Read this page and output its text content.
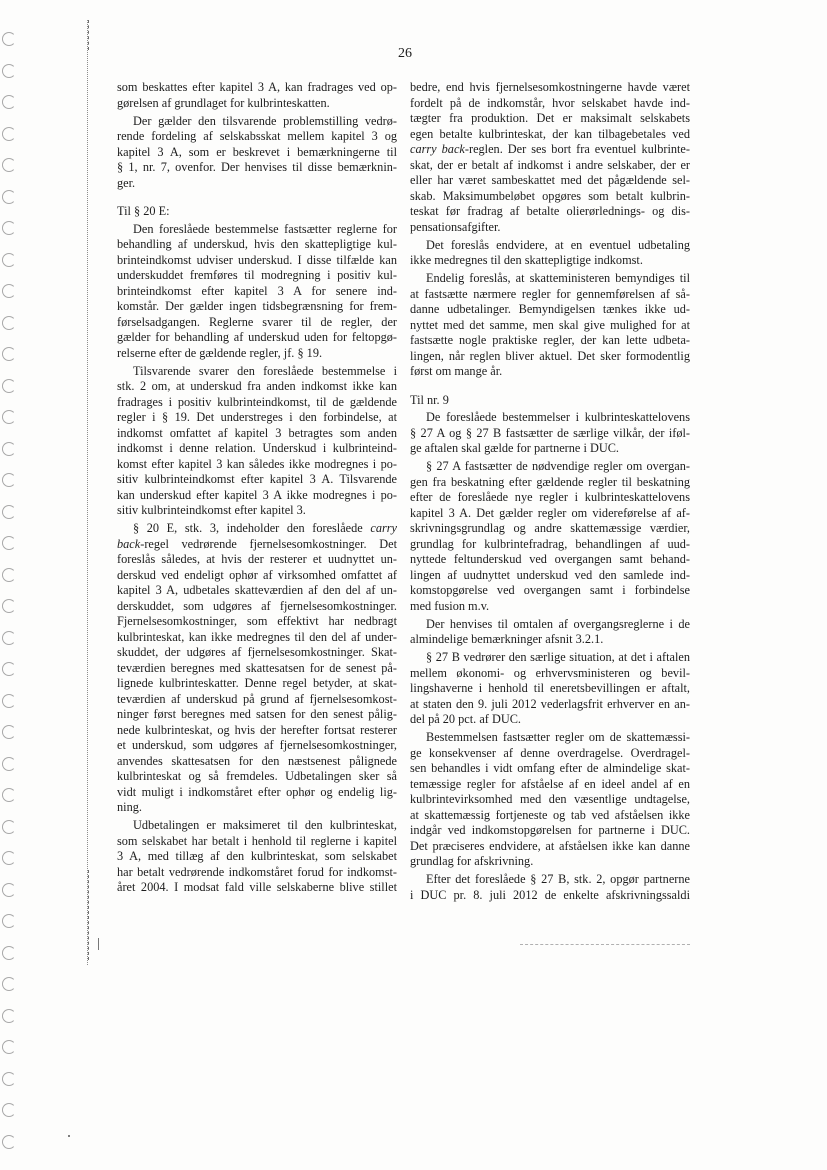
26
som beskattes efter kapitel 3 A, kan fradrages ved op-
gørelsen af grundlaget for kulbrinteskatten.
Der gælder den tilsvarende problemstilling vedrø-
rende fordeling af selskabsskat mellem kapitel 3 og
kapitel 3 A, som er beskrevet i bemærkningerne til
§ 1, nr. 7, ovenfor. Der henvises til disse bemærknin-
ger.
Til § 20 E:
Den foreslåede bestemmelse fastsætter reglerne for
behandling af underskud, hvis den skattepligtige kul-
brinteindkomst udviser underskud. I disse tilfælde kan
underskuddet fremføres til modregning i positiv kul-
brinteindkomst efter kapitel 3 A for senere ind-
komstår. Der gælder ingen tidsbegrænsning for frem-
førselsadgangen. Reglerne svarer til de regler, der
gælder for behandling af underskud uden for feltopgø-
relserne efter de gældende regler, jf. § 19.
Tilsvarende svarer den foreslåede bestemmelse i
stk. 2 om, at underskud fra anden indkomst ikke kan
fradrages i positiv kulbrinteindkomst, til de gældende
regler i § 19. Det understreges i den forbindelse, at
indkomst omfattet af kapitel 3 betragtes som anden
indkomst i denne relation. Underskud i kulbrinteind-
komst efter kapitel 3 kan således ikke modregnes i po-
sitiv kulbrinteindkomst efter kapitel 3 A. Tilsvarende
kan underskud efter kapitel 3 A ikke modregnes i po-
sitiv kulbrinteindkomst efter kapitel 3.
§ 20 E, stk. 3, indeholder den foreslåede carry
back-regel vedrørende fjernelsesomkostninger. Det
foreslås således, at hvis der resterer et uudnyttet un-
derskud ved endeligt ophør af virksomhed omfattet af
kapitel 3 A, udbetales skatteværdien af den del af un-
derskuddet, som udgøres af fjernelsesomkostninger.
Fjernelsesomkostninger, som effektivt har nedbragt
kulbrinteskat, kan ikke medregnes til den del af under-
skuddet, der udgøres af fjernelsesomkostninger. Skat-
teværdien beregnes med skattesatsen for de senest på-
lignede kulbrinteskatter. Denne regel betyder, at skat-
teværdien af underskud på grund af fjernelsesomkost-
ninger først beregnes med satsen for den senest pålig-
nede kulbrinteskat, og hvis der herefter fortsat resterer
et underskud, som udgøres af fjernelsesomkostninger,
anvendes skattesatsen for den næstsenest pålignede
kulbrinteskat og så fremdeles. Udbetalingen sker så
vidt muligt i indkomståret efter ophør og endelig lig-
ning.
Udbetalingen er maksimeret til den kulbrinteskat,
som selskabet har betalt i henhold til reglerne i kapitel
3 A, med tillæg af den kulbrinteskat, som selskabet
har betalt vedrørende indkomståret forud for indkomst-
året 2004. I modsat fald ville selskaberne blive stillet
bedre, end hvis fjernelsesomkostningerne havde været
fordelt på de indkomstår, hvor selskabet havde ind-
tægter fra produktion. Det er maksimalt selskabets
egen betalte kulbrinteskat, der kan tilbagebetales ved
carry back-reglen. Der ses bort fra eventuel kulbrinte-
skat, der er betalt af indkomst i andre selskaber, der er
eller har været sambeskattet med det pågældende sel-
skab. Maksimumbeløbet opgøres som betalt kulbrin-
teskat før fradrag af betalte olierørlednings- og dis-
pensationsafgifter.
Det foreslås endvidere, at en eventuel udbetaling
ikke medregnes til den skattepligtige indkomst.
Endelig foreslås, at skatteministeren bemyndiges til
at fastsætte nærmere regler for gennemførelsen af så-
danne udbetalinger. Bemyndigelsen tænkes ikke ud-
nyttet med det samme, men skal give mulighed for at
fastsætte nogle praktiske regler, der kan lette udbeta-
lingen, når reglen bliver aktuel. Det sker formodentlig
først om mange år.
Til nr. 9
De foreslåede bestemmelser i kulbrinteskattelovens
§ 27 A og § 27 B fastsætter de særlige vilkår, der iføl-
ge aftalen skal gælde for partnerne i DUC.
§ 27 A fastsætter de nødvendige regler om overgan-
gen fra beskatning efter gældende regler til beskatning
efter de foreslåede nye regler i kulbrinteskattelovens
kapitel 3 A. Det gælder regler om videreførelse af af-
skrivningsgrundlag og andre skattemæssige værdier,
grundlag for kulbrintefradrag, behandlingen af uud-
nyttede feltunderskud ved overgangen samt behand-
lingen af uudnyttet underskud ved den samlede ind-
komstopgørelse ved overgangen samt i forbindelse
med fusion m.v.
Der henvises til omtalen af overgangsreglerne i de
almindelige bemærkninger afsnit 3.2.1.
§ 27 B vedrører den særlige situation, at det i aftalen
mellem økonomi- og erhvervsministeren og bevil-
lingshaverne i henhold til eneretsbevillingen er aftalt,
at staten den 9. juli 2012 vederlagsfrit erhverver en an-
del på 20 pct. af DUC.
Bestemmelsen fastsætter regler om de skattemæssi-
ge konsekvenser af denne overdragelse. Overdragel-
sen behandles i vidt omfang efter de almindelige skat-
temæssige regler for afståelse af en ideel andel af en
kulbrintevirksomhed med den væsentlige undtagelse,
at skattemæssig fortjeneste og tab ved afståelsen ikke
indgår ved indkomstopgørelsen for partnerne i DUC.
Det præciseres endvidere, at afståelsen ikke kan danne
grundlag for afskrivning.
Efter det foreslåede § 27 B, stk. 2, opgør partnerne
i DUC pr. 8. juli 2012 de enkelte afskrivningssaldi
